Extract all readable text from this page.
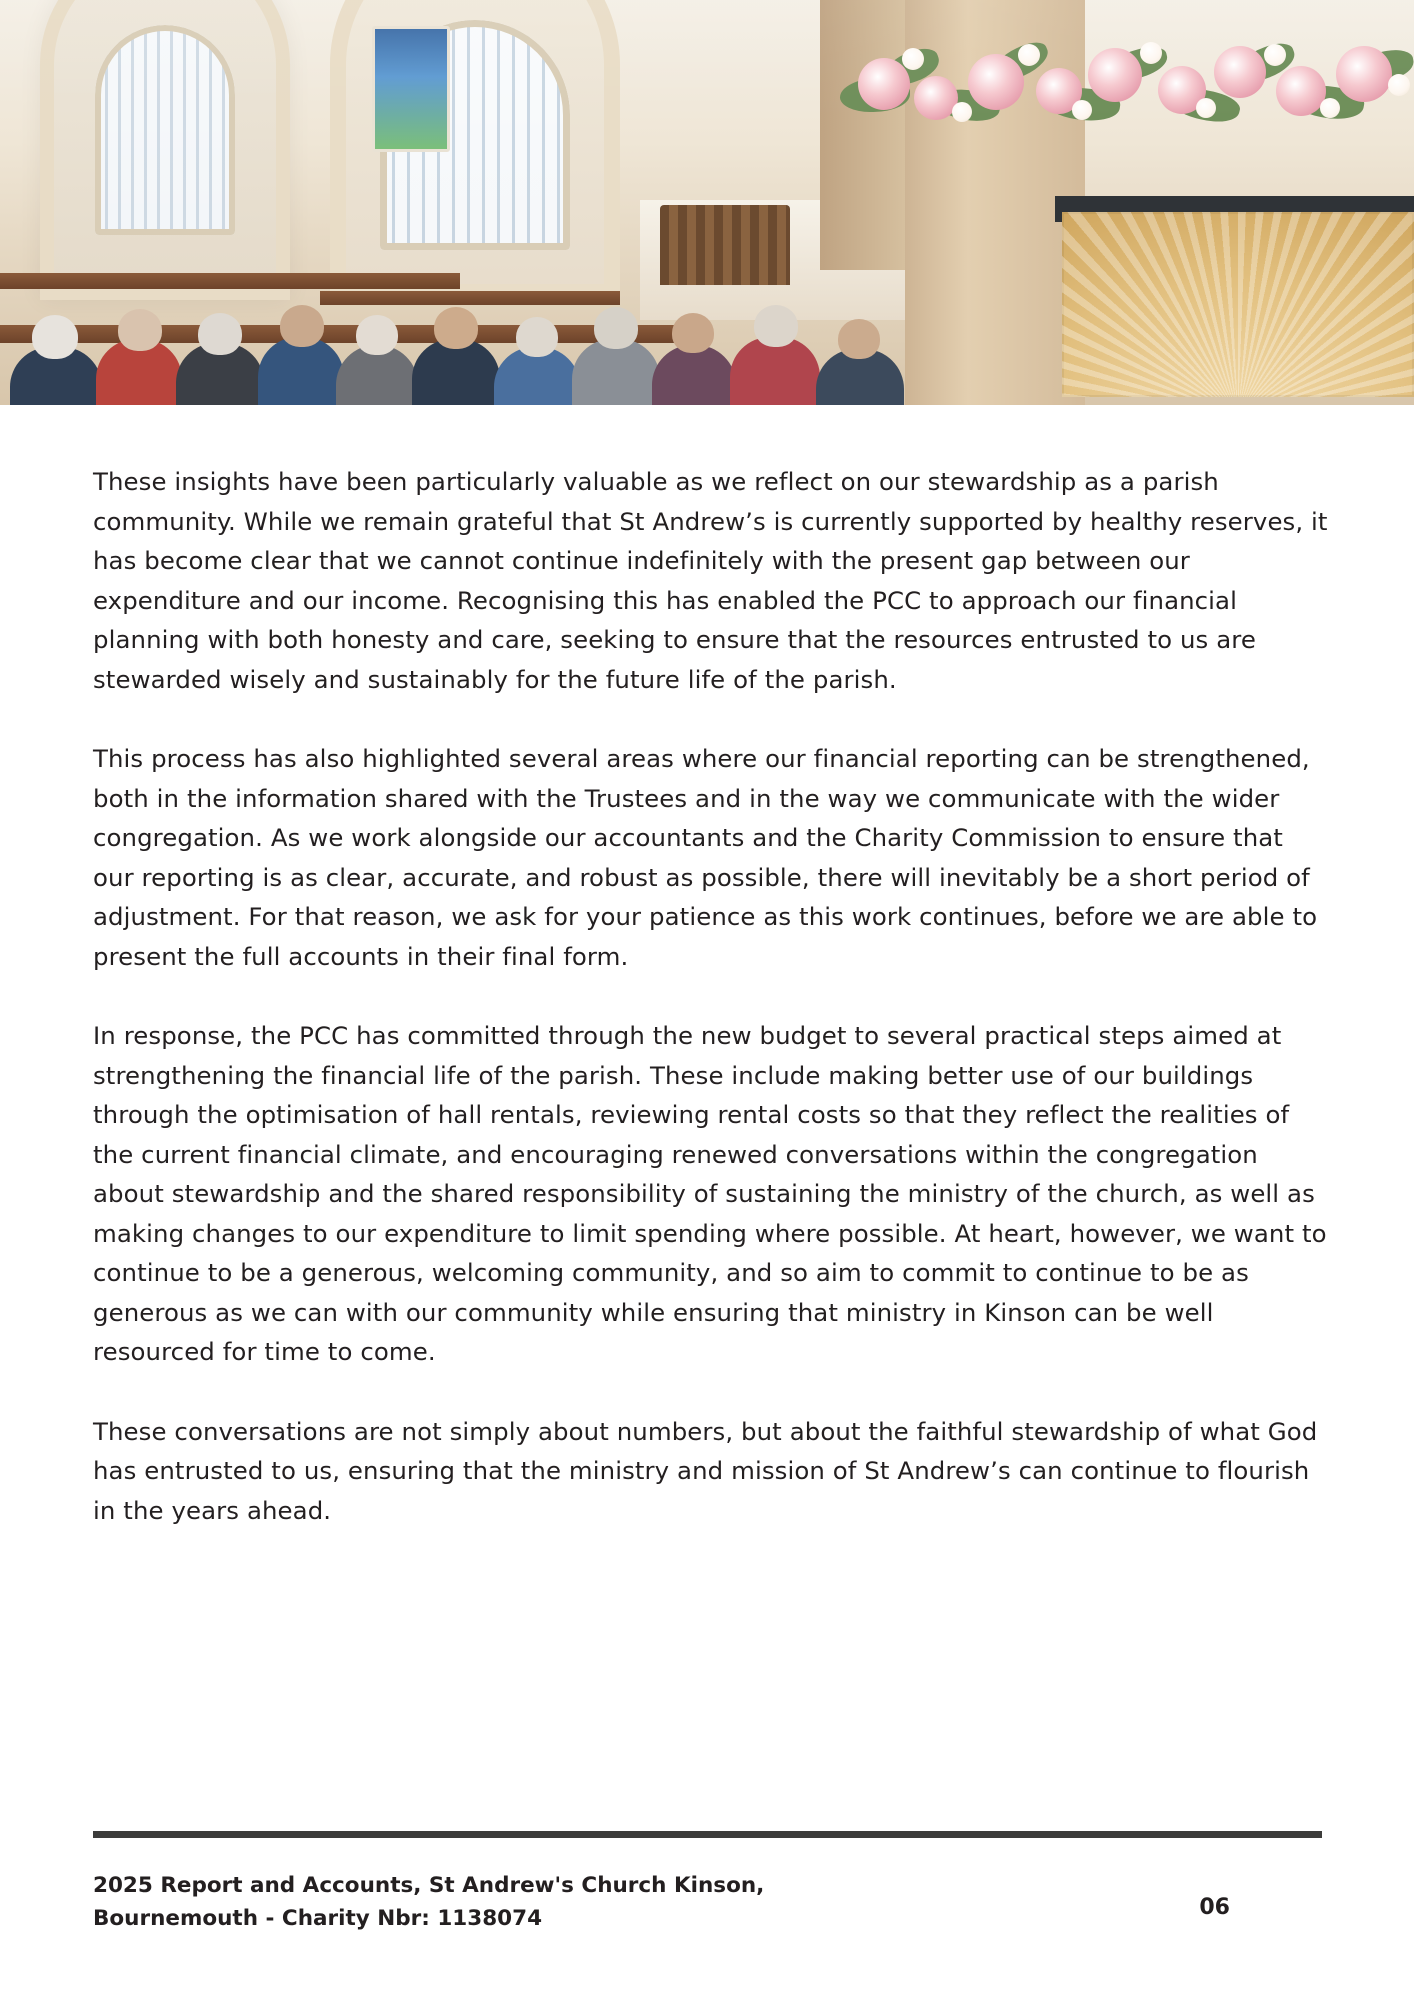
These insights have been particularly valuable as we reflect on our stewardship as a parish community. While we remain grateful that St Andrew’s is currently supported by healthy reserves, it has become clear that we cannot continue indefinitely with the present gap between our expenditure and our income. Recognising this has enabled the PCC to approach our financial planning with both honesty and care, seeking to ensure that the resources entrusted to us are stewarded wisely and sustainably for the future life of the parish.

This process has also highlighted several areas where our financial reporting can be strengthened, both in the information shared with the Trustees and in the way we communicate with the wider congregation. As we work alongside our accountants and the Charity Commission to ensure that our reporting is as clear, accurate, and robust as possible, there will inevitably be a short period of adjustment. For that reason, we ask for your patience as this work continues, before we are able to present the full accounts in their final form.

In response, the PCC has committed through the new budget to several practical steps aimed at strengthening the financial life of the parish. These include making better use of our buildings through the optimisation of hall rentals, reviewing rental costs so that they reflect the realities of the current financial climate, and encouraging renewed conversations within the congregation about stewardship and the shared responsibility of sustaining the ministry of the church, as well as making changes to our expenditure to limit spending where possible. At heart, however, we want to continue to be a generous, welcoming community, and so aim to commit to continue to be as generous as we can with our community while ensuring that ministry in Kinson can be well resourced for time to come.

These conversations are not simply about numbers, but about the faithful stewardship of what God has entrusted to us, ensuring that the ministry and mission of St Andrew’s can continue to flourish in the years ahead.

2025 Report and Accounts, St Andrew's Church Kinson,
Bournemouth - Charity Nbr: 1138074	06
